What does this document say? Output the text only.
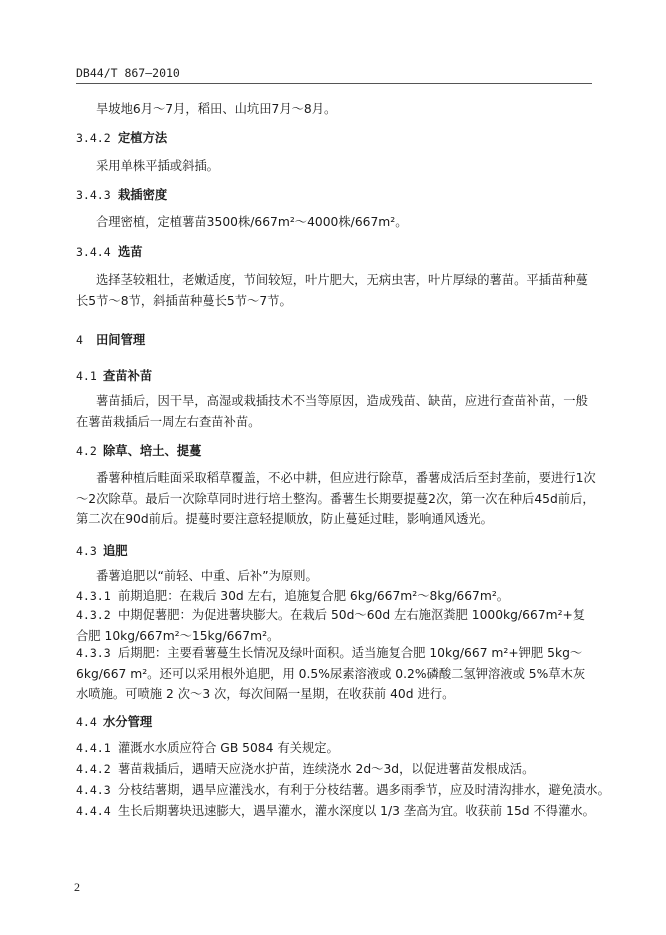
DB44/T 867—2010
旱坡地6月～7月，稻田、山坑田7月～8月。
3.4.2 定植方法
采用单株平插或斜插。
3.4.3 栽插密度
合理密植，定植薯苗3500株/667m²～4000株/667m²。
3.4.4 选苗
选择茎较粗壮，老嫩适度，节间较短，叶片肥大，无病虫害，叶片厚绿的薯苗。平插苗种蔓长5节～8节，斜插苗种蔓长5节～7节。
4 田间管理
4.1 查苗补苗
薯苗插后，因干旱，高湿或栽插技术不当等原因，造成残苗、缺苗，应进行查苗补苗，一般在薯苗栽插后一周左右查苗补苗。
4.2 除草、培土、提蔓
番薯种植后畦面采取稻草覆盖，不必中耕，但应进行除草，番薯成活后至封垄前，要进行1次～2次除草。最后一次除草同时进行培土整沟。番薯生长期要提蔓2次，第一次在种后45d前后，第二次在90d前后。提蔓时要注意轻提顺放，防止蔓延过畦，影响通风透光。
4.3 追肥
番薯追肥以“前轻、中重、后补”为原则。
4.3.1 前期追肥：在栽后 30d 左右，追施复合肥 6kg/667m²～8kg/667m²。
4.3.2 中期促薯肥：为促进薯块膨大。在栽后 50d～60d 左右施沤粪肥 1000kg/667m²+复合肥 10kg/667m²～15kg/667m²。
4.3.3 后期肥：主要看薯蔓生长情况及绿叶面积。适当施复合肥 10kg/667 m²+钾肥 5kg～6kg/667 m²。还可以采用根外追肥，用 0.5%尿素溶液或 0.2%磷酸二氢钾溶液或 5%草木灰水喷施。可喷施 2 次～3 次，每次间隔一星期，在收获前 40d 进行。
4.4 水分管理
4.4.1 灌溉水水质应符合 GB 5084 有关规定。
4.4.2 薯苗栽插后，遇晴天应浇水护苗，连续浇水 2d～3d，以促进薯苗发根成活。
4.4.3 分枝结薯期，遇旱应灌浅水，有利于分枝结薯。遇多雨季节，应及时清沟排水，避免渍水。
4.4.4 生长后期薯块迅速膨大，遇旱灌水，灌水深度以 1/3 垄高为宜。收获前 15d 不得灌水。
2
